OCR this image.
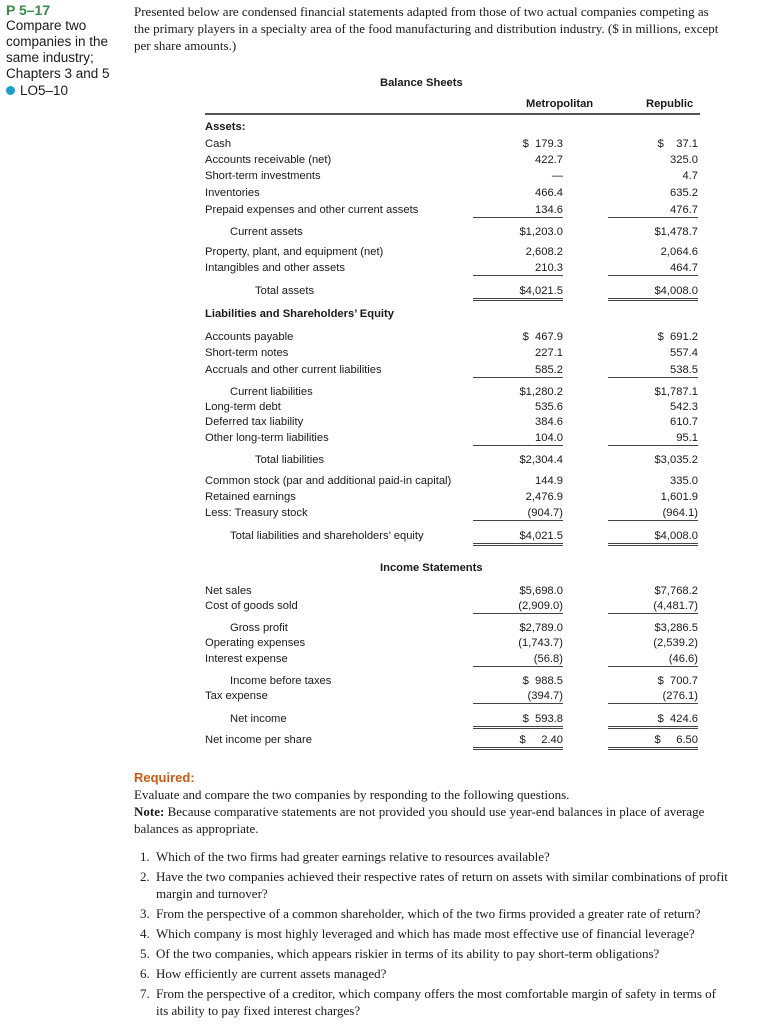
P 5–17
Compare two
companies in the
same industry;
Chapters 3 and 5
LO5–10
Presented below are condensed financial statements adapted from those of two actual companies competing as
the primary players in a specialty area of the food manufacturing and distribution industry. ($ in millions, except
per share amounts.)
Balance Sheets
Metropolitan	Republic
Assets:
Cash	$  179.3	$    37.1
Accounts receivable (net)	422.7	325.0
Short-term investments	—	4.7
Inventories	466.4	635.2
Prepaid expenses and other current assets	134.6	476.7
Current assets	$1,203.0	$1,478.7
Property, plant, and equipment (net)	2,608.2	2,064.6
Intangibles and other assets	210.3	464.7
Total assets	$4,021.5	$4,008.0
Liabilities and Shareholders’ Equity
Accounts payable	$  467.9	$  691.2
Short-term notes	227.1	557.4
Accruals and other current liabilities	585.2	538.5
Current liabilities	$1,280.2	$1,787.1
Long-term debt	535.6	542.3
Deferred tax liability	384.6	610.7
Other long-term liabilities	104.0	95.1
Total liabilities	$2,304.4	$3,035.2
Common stock (par and additional paid-in capital)	144.9	335.0
Retained earnings	2,476.9	1,601.9
Less: Treasury stock	(904.7)	(964.1)
Total liabilities and shareholders’ equity	$4,021.5	$4,008.0
Income Statements
Net sales	$5,698.0	$7,768.2
Cost of goods sold	(2,909.0)	(4,481.7)
Gross profit	$2,789.0	$3,286.5
Operating expenses	(1,743.7)	(2,539.2)
Interest expense	(56.8)	(46.6)
Income before taxes	$  988.5	$  700.7
Tax expense	(394.7)	(276.1)
Net income	$  593.8	$  424.6
Net income per share	$     2.40	$     6.50
Required:
Evaluate and compare the two companies by responding to the following questions.
Note: Because comparative statements are not provided you should use year-end balances in place of average
balances as appropriate.
1. Which of the two firms had greater earnings relative to resources available?
2. Have the two companies achieved their respective rates of return on assets with similar combinations of profit
margin and turnover?
3. From the perspective of a common shareholder, which of the two firms provided a greater rate of return?
4. Which company is most highly leveraged and which has made most effective use of financial leverage?
5. Of the two companies, which appears riskier in terms of its ability to pay short-term obligations?
6. How efficiently are current assets managed?
7. From the perspective of a creditor, which company offers the most comfortable margin of safety in terms of
its ability to pay fixed interest charges?
